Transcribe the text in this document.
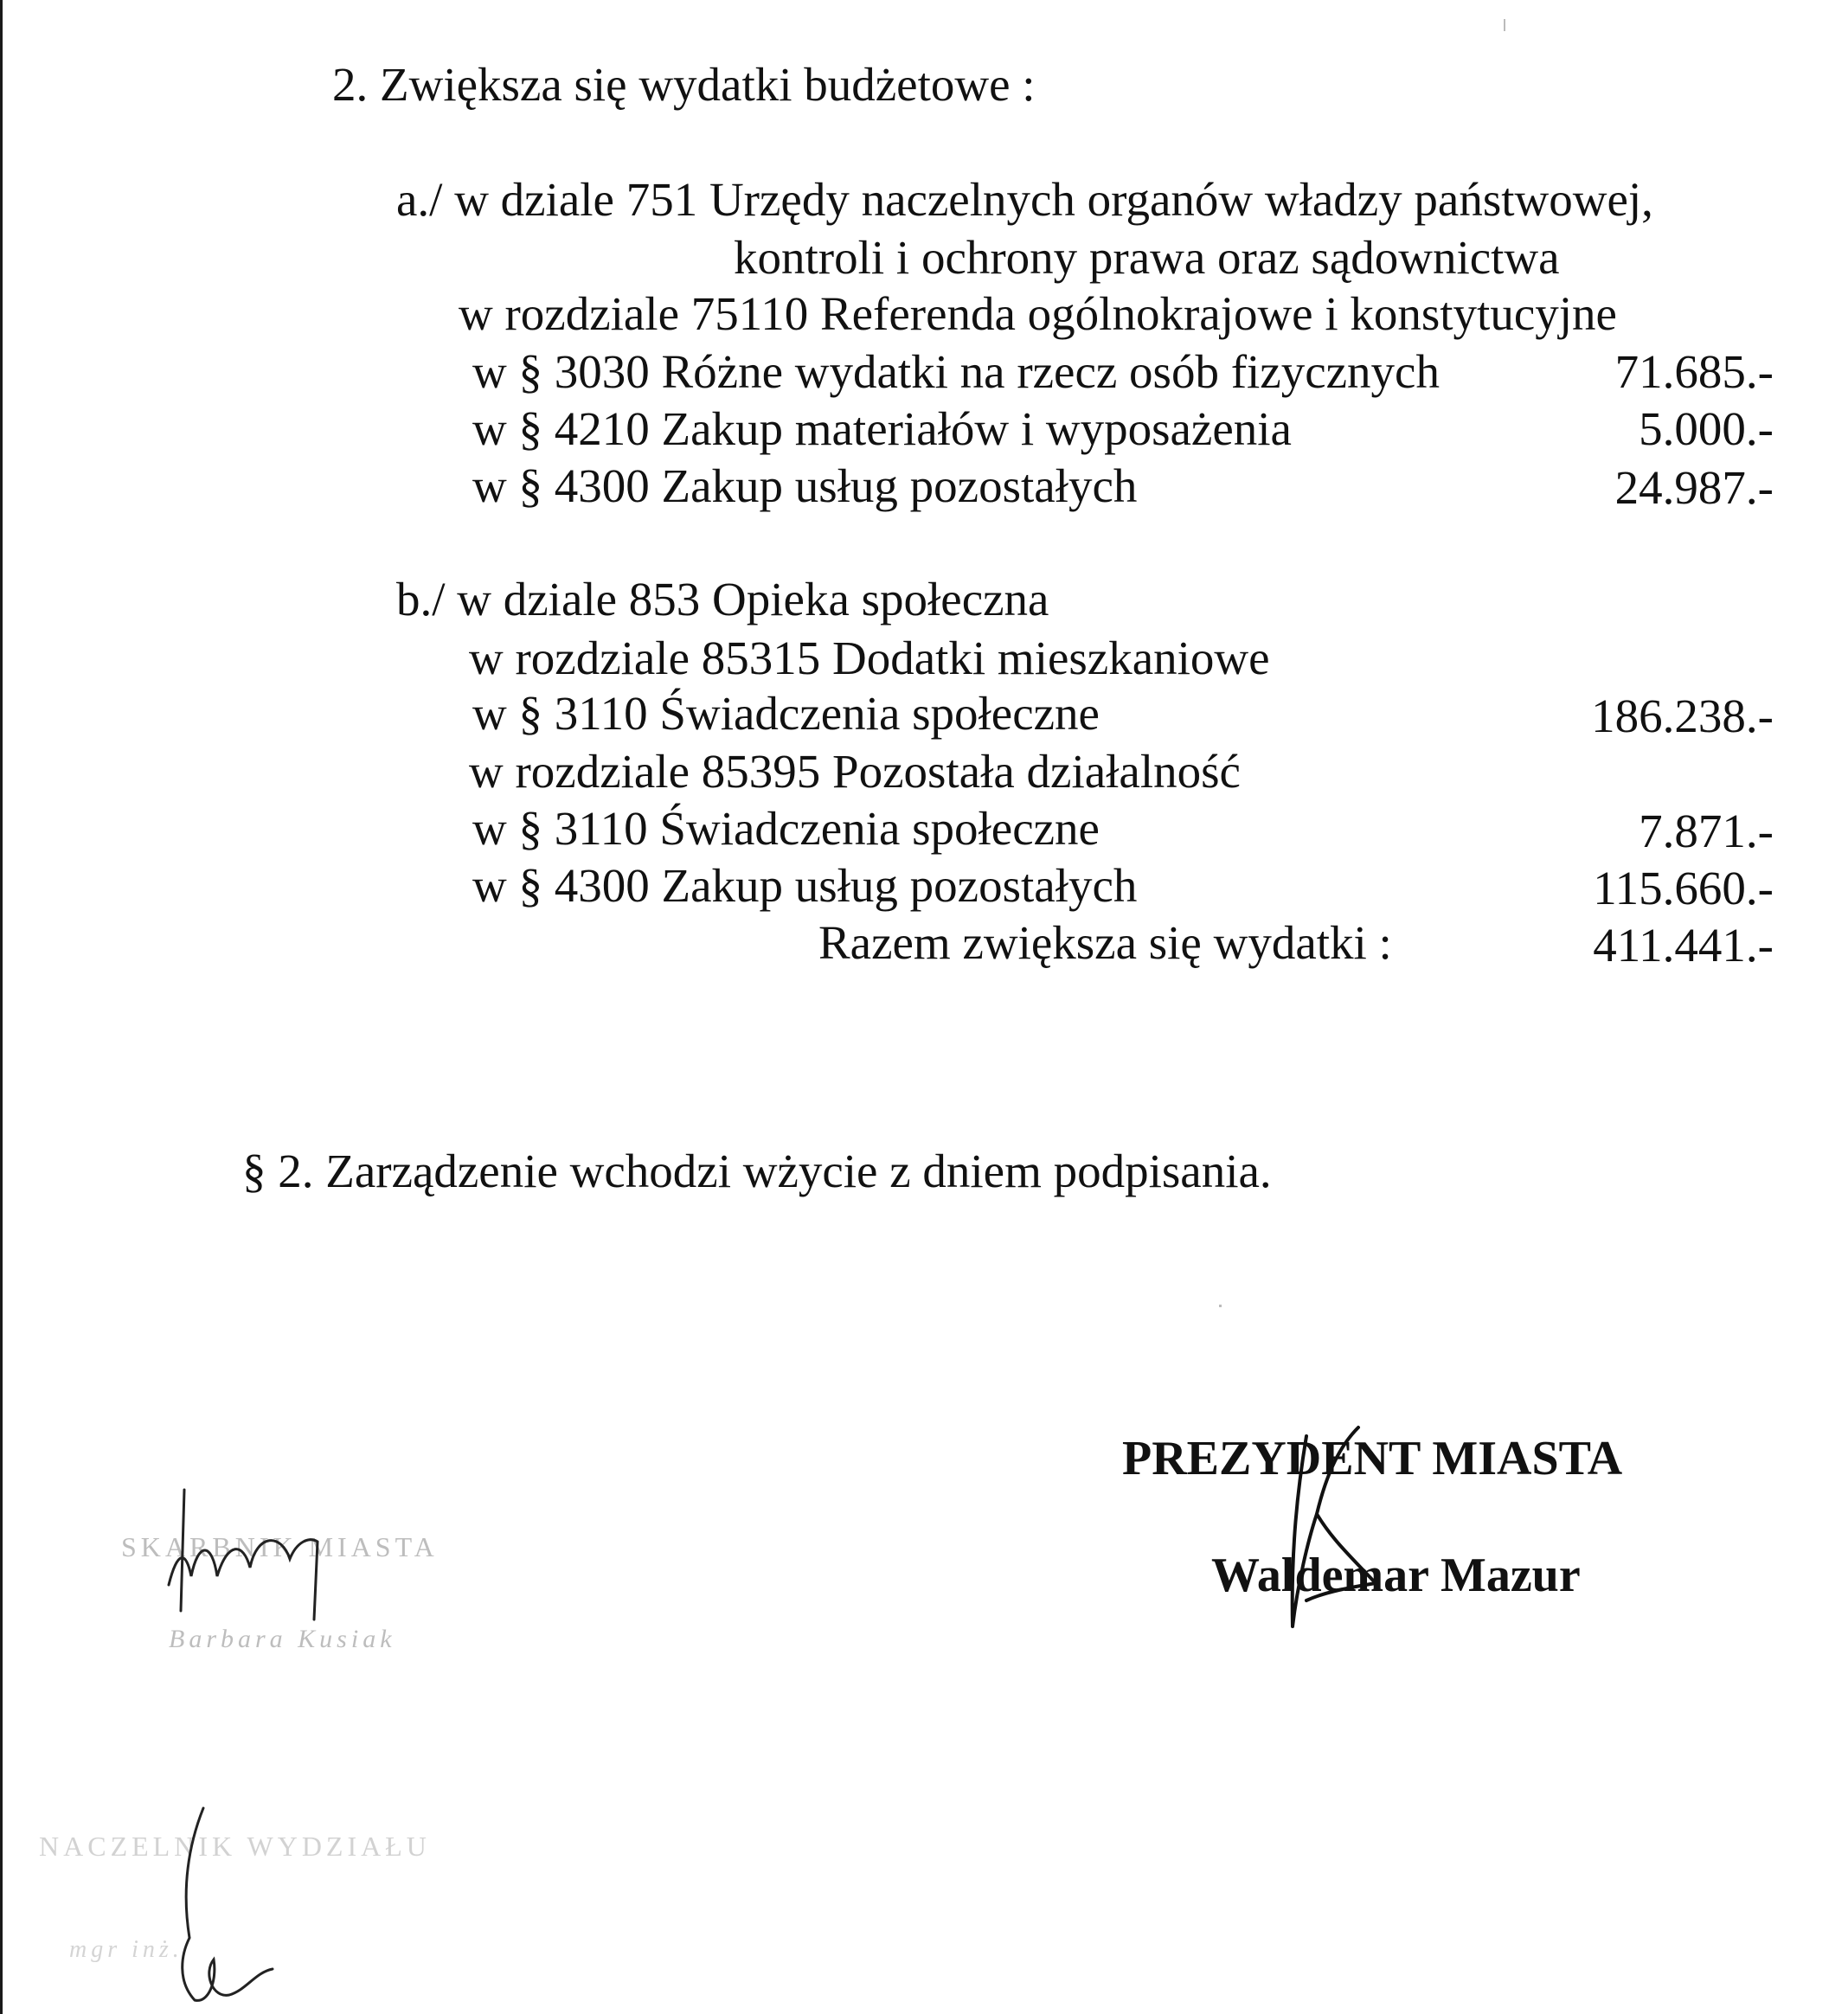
2. Zwiększa się wydatki budżetowe :
a./ w dziale 751 Urzędy naczelnych organów władzy państwowej,
kontroli i ochrony prawa oraz sądownictwa
w rozdziale 75110 Referenda ogólnokrajowe i konstytucyjne
w § 3030 Różne wydatki na rzecz osób fizycznych	71.685.-
w § 4210 Zakup materiałów i wyposażenia	5.000.-
w § 4300 Zakup usług pozostałych	24.987.-
b./ w dziale 853 Opieka społeczna
w rozdziale 85315 Dodatki mieszkaniowe
w § 3110 Świadczenia społeczne	186.238.-
w rozdziale 85395 Pozostała działalność
w § 3110 Świadczenia społeczne	7.871.-
w § 4300 Zakup usług pozostałych	115.660.-
Razem zwiększa się wydatki :	411.441.-
§ 2. Zarządzenie wchodzi wżycie z dniem podpisania.
PREZYDENT MIASTA
Waldemar Mazur
SKARBNIK MIASTA
Barbara Kusiak
NACZELNIK WYDZIAŁU
mgr inż.
